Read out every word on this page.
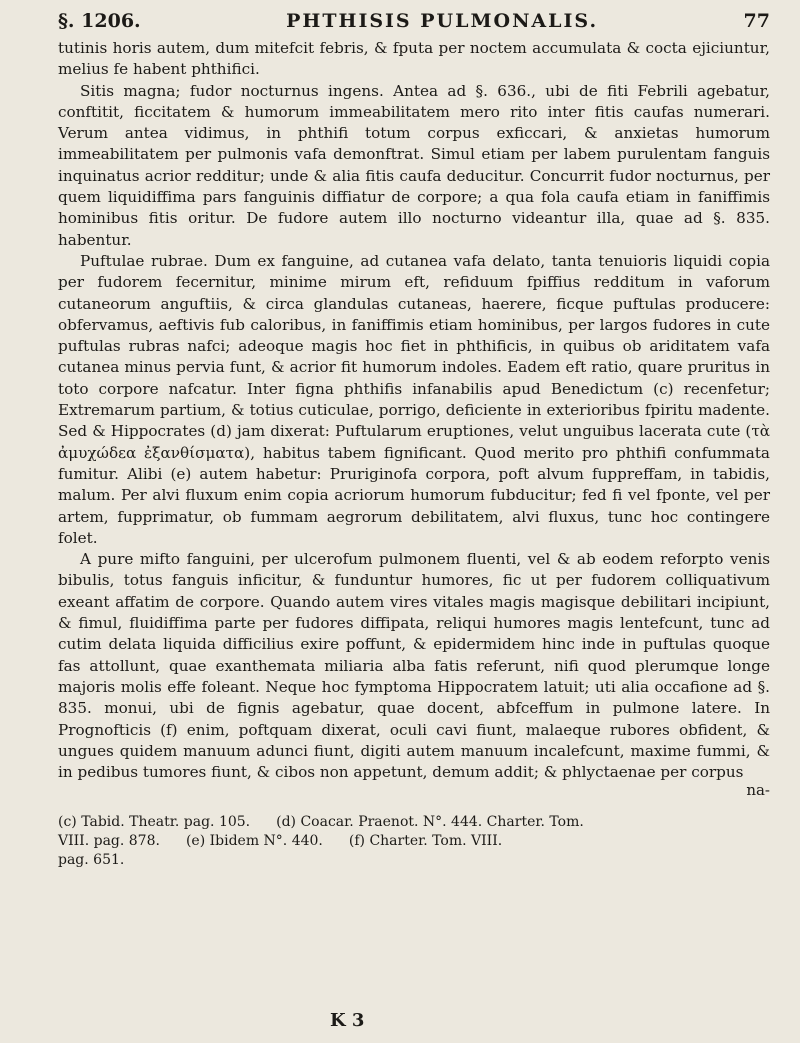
§. 1206.	PHTHISIS PULMONALIS.	77

tutinis horis autem, dum mitefcit febris, & fputa per noctem accumulata & cocta ejiciuntur, melius fe habent phthifici.

Sitis magna; fudor nocturnus ingens. Antea ad §. 636., ubi de fiti Febrili agebatur, conftitit, ficcitatem & humorum immeabilitatem mero rito inter fitis caufas numerari. Verum antea vidimus, in phthifi totum corpus exficcari, & anxietas humorum immeabilitatem per pulmonis vafa demonftrat. Simul etiam per labem purulentam fanguis inquinatus acrior redditur; unde & alia fitis caufa deducitur. Concurrit fudor nocturnus, per quem liquidiffima pars fanguinis diffiatur de corpore; a qua fola caufa etiam in faniffimis hominibus fitis oritur. De fudore autem illo nocturno videantur illa, quae ad §. 835. habentur.

Puftulae rubrae. Dum ex fanguine, ad cutanea vafa delato, tanta tenuioris liquidi copia per fudorem fecernitur, minime mirum eft, refiduum fpiffius redditum in vaforum cutaneorum anguftiis, & circa glandulas cutaneas, haerere, ficque puftulas producere: obfervamus, aeftivis fub caloribus, in faniffimis etiam hominibus, per largos fudores in cute puftulas rubras nafci; adeoque magis hoc fiet in phthificis, in quibus ob ariditatem vafa cutanea minus pervia funt, & acrior fit humorum indoles. Eadem eft ratio, quare pruritus in toto corpore nafcatur. Inter figna phthifis infanabilis apud Benedictum (c) recenfetur; Extremarum partium, & totius cuticulae, porrigo, deficiente in exterioribus fpiritu madente. Sed & Hippocrates (d) jam dixerat: Puftularum eruptiones, velut unguibus lacerata cute (τὰ ἀμυχώδεα ἐξανθίσματα), habitus tabem fignificant. Quod merito pro phthifi confummata fumitur. Alibi (e) autem habetur: Pruriginofa corpora, poft alvum fuppreffam, in tabidis, malum. Per alvi fluxum enim copia acriorum humorum fubducitur; fed fi vel fponte, vel per artem, fupprimatur, ob fummam aegrorum debilitatem, alvi fluxus, tunc hoc contingere folet.

A pure mifto fanguini, per ulcerofum pulmonem fluenti, vel & ab eodem reforpto venis bibulis, totus fanguis inficitur, & funduntur humores, fic ut per fudorem colliquativum exeant affatim de corpore. Quando autem vires vitales magis magisque debilitari incipiunt, & fimul, fluidiffima parte per fudores diffipata, reliqui humores magis lentefcunt, tunc ad cutim delata liquida difficilius exire poffunt, & epidermidem hinc inde in puftulas quoque fas attollunt, quae exanthemata miliaria alba fatis referunt, nifi quod plerumque longe majoris molis effe foleant. Neque hoc fymptoma Hippocratem latuit; uti alia occafione ad §. 835. monui, ubi de fignis agebatur, quae docent, abfceffum in pulmone latere. In Prognofticis (f) enim, poftquam dixerat, oculi cavi fiunt, malaeque rubores obfident, & ungues quidem manuum adunci fiunt, digiti autem manuum incalefcunt, maxime fummi, & in pedibus tumores fiunt, & cibos non appetunt, demum addit; & phlyctaenae per corpus

na-
(c) Tabid. Theatr. pag. 105. (d) Coacar. Praenot. N°. 444. Charter. Tom.
VIII. pag. 878. (e) Ibidem N°. 440. (f) Charter. Tom. VIII.
pag. 651.
K 3
